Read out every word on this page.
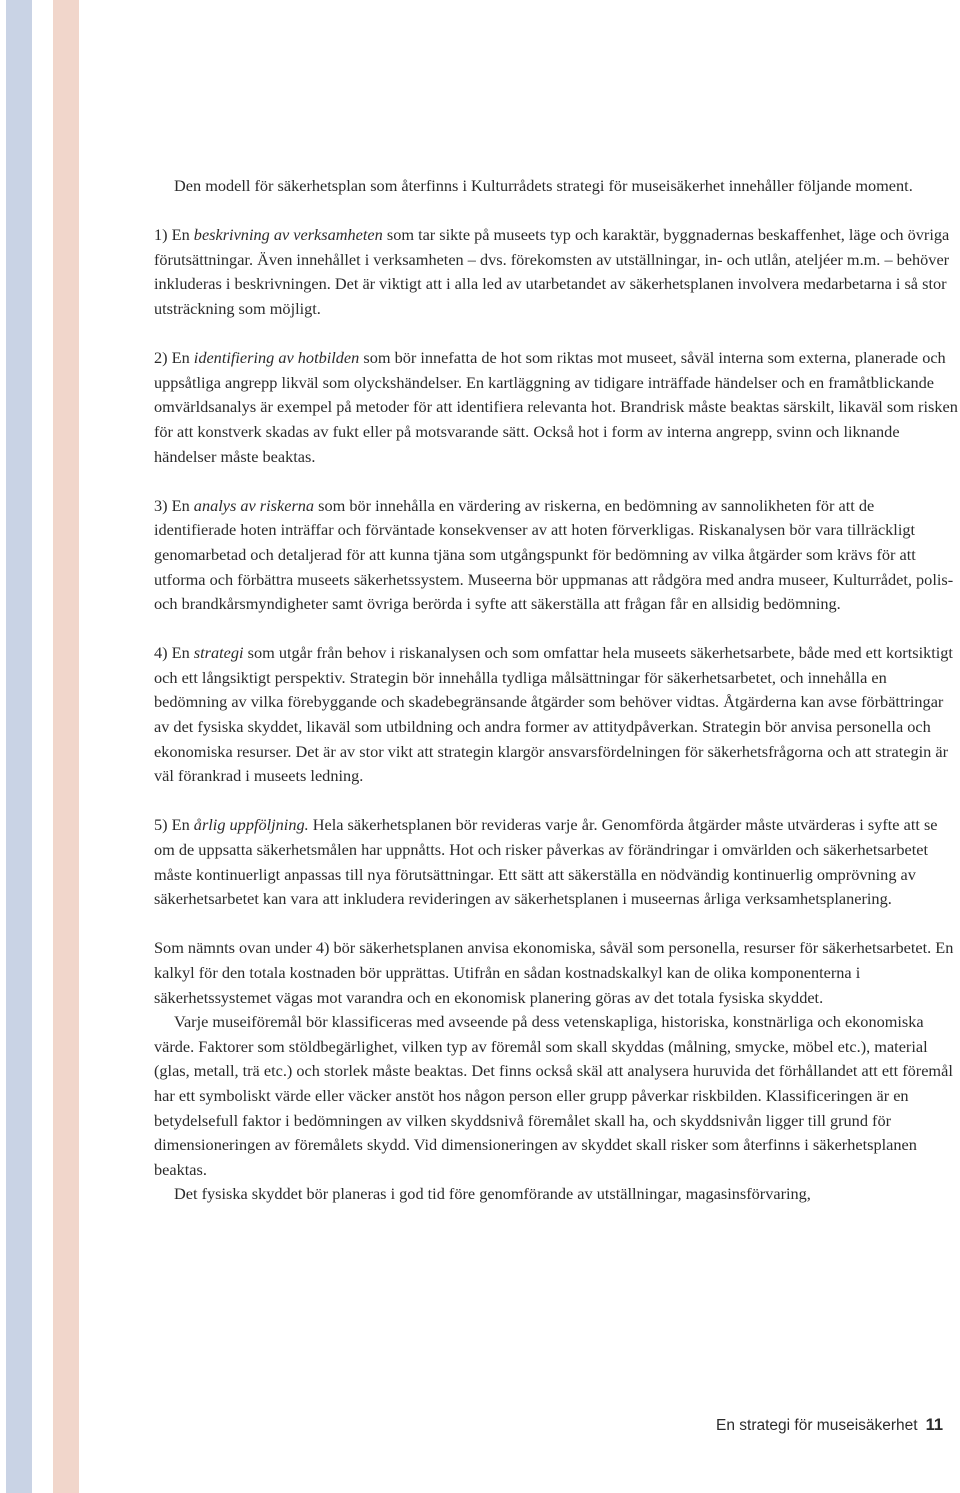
Den modell för säkerhetsplan som återfinns i Kulturrådets strategi för museisäkerhet innehåller följande moment.

1) En beskrivning av verksamheten som tar sikte på museets typ och karaktär, byggnadernas beskaffenhet, läge och övriga förutsättningar. Även innehållet i verksamheten – dvs. förekomsten av utställningar, in- och utlån, ateljéer m.m. – behöver inkluderas i beskrivningen. Det är viktigt att i alla led av utarbetandet av säkerhetsplanen involvera medarbetarna i så stor utsträckning som möjligt.

2) En identifiering av hotbilden som bör innefatta de hot som riktas mot museet, såväl interna som externa, planerade och uppsåtliga angrepp likväl som olyckshändelser. En kartläggning av tidigare inträffade händelser och en framåtblickande omvärldsanalys är exempel på metoder för att identifiera relevanta hot. Brandrisk måste beaktas särskilt, likaväl som risken för att konstverk skadas av fukt eller på motsvarande sätt. Också hot i form av interna angrepp, svinn och liknande händelser måste beaktas.

3) En analys av riskerna som bör innehålla en värdering av riskerna, en bedömning av sannolikheten för att de identifierade hoten inträffar och förväntade konsekvenser av att hoten förverkligas. Riskanalysen bör vara tillräckligt genomarbetad och detaljerad för att kunna tjäna som utgångspunkt för bedömning av vilka åtgärder som krävs för att utforma och förbättra museets säkerhetssystem. Museerna bör uppmanas att rådgöra med andra museer, Kulturrådet, polis- och brandkårsmyndigheter samt övriga berörda i syfte att säkerställa att frågan får en allsidig bedömning.

4) En strategi som utgår från behov i riskanalysen och som omfattar hela museets säkerhetsarbete, både med ett kortsiktigt och ett långsiktigt perspektiv. Strategin bör innehålla tydliga målsättningar för säkerhetsarbetet, och innehålla en bedömning av vilka förebyggande och skadebegränsande åtgärder som behöver vidtas. Åtgärderna kan avse förbättringar av det fysiska skyddet, likaväl som utbildning och andra former av attitydpåverkan. Strategin bör anvisa personella och ekonomiska resurser. Det är av stor vikt att strategin klargör ansvarsfördelningen för säkerhetsfrågorna och att strategin är väl förankrad i museets ledning.

5) En årlig uppföljning. Hela säkerhetsplanen bör revideras varje år. Genomförda åtgärder måste utvärderas i syfte att se om de uppsatta säkerhetsmålen har uppnåtts. Hot och risker påverkas av förändringar i omvärlden och säkerhetsarbetet måste kontinuerligt anpassas till nya förutsättningar. Ett sätt att säkerställa en nödvändig kontinuerlig omprövning av säkerhetsarbetet kan vara att inkludera revideringen av säkerhetsplanen i museernas årliga verksamhetsplanering.

Som nämnts ovan under 4) bör säkerhetsplanen anvisa ekonomiska, såväl som personella, resurser för säkerhetsarbetet. En kalkyl för den totala kostnaden bör upprättas. Utifrån en sådan kostnadskalkyl kan de olika komponenterna i säkerhetssystemet vägas mot varandra och en ekonomisk planering göras av det totala fysiska skyddet.

Varje museiföremål bör klassificeras med avseende på dess vetenskapliga, historiska, konstnärliga och ekonomiska värde. Faktorer som stöldbegärlighet, vilken typ av föremål som skall skyddas (målning, smycke, möbel etc.), material (glas, metall, trä etc.) och storlek måste beaktas. Det finns också skäl att analysera huruvida det förhållandet att ett föremål har ett symboliskt värde eller väcker anstöt hos någon person eller grupp påverkar riskbilden. Klassificeringen är en betydelsefull faktor i bedömningen av vilken skyddsnivå föremålet skall ha, och skyddsnivån ligger till grund för dimensioneringen av föremålets skydd. Vid dimensioneringen av skyddet skall risker som återfinns i säkerhetsplanen beaktas.

Det fysiska skyddet bör planeras i god tid före genomförande av utställningar, magasinsförvaring,

En strategi för museisäkerhet 11
